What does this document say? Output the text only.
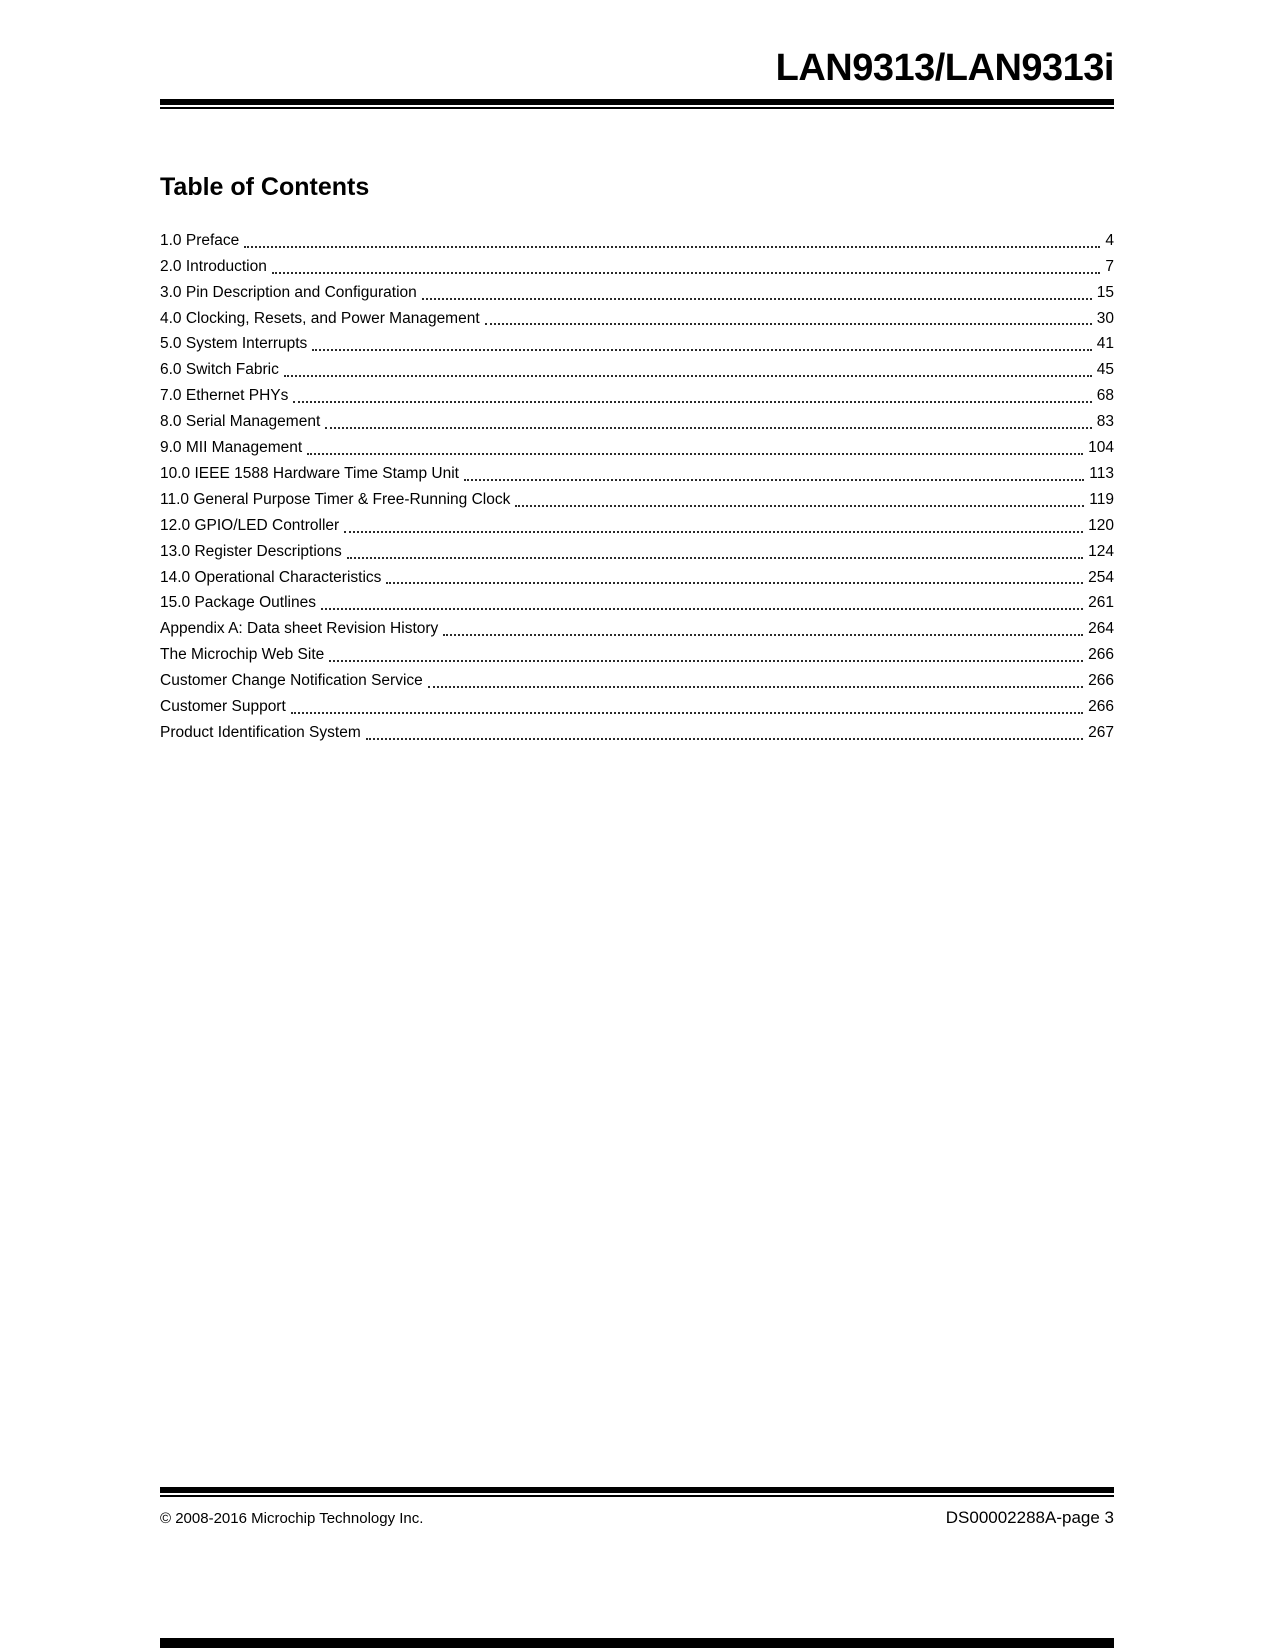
LAN9313/LAN9313i
Table of Contents
1.0 Preface	4
2.0 Introduction	7
3.0 Pin Description and Configuration	15
4.0 Clocking, Resets, and Power Management	30
5.0 System Interrupts	41
6.0 Switch Fabric	45
7.0 Ethernet PHYs	68
8.0 Serial Management	83
9.0 MII Management	104
10.0 IEEE 1588 Hardware Time Stamp Unit	113
11.0 General Purpose Timer & Free-Running Clock	119
12.0 GPIO/LED Controller	120
13.0 Register Descriptions	124
14.0 Operational Characteristics	254
15.0 Package Outlines	261
Appendix A: Data sheet Revision History	264
The Microchip Web Site	266
Customer Change Notification Service	266
Customer Support	266
Product Identification System	267
© 2008-2016 Microchip Technology Inc.	DS00002288A-page 3
